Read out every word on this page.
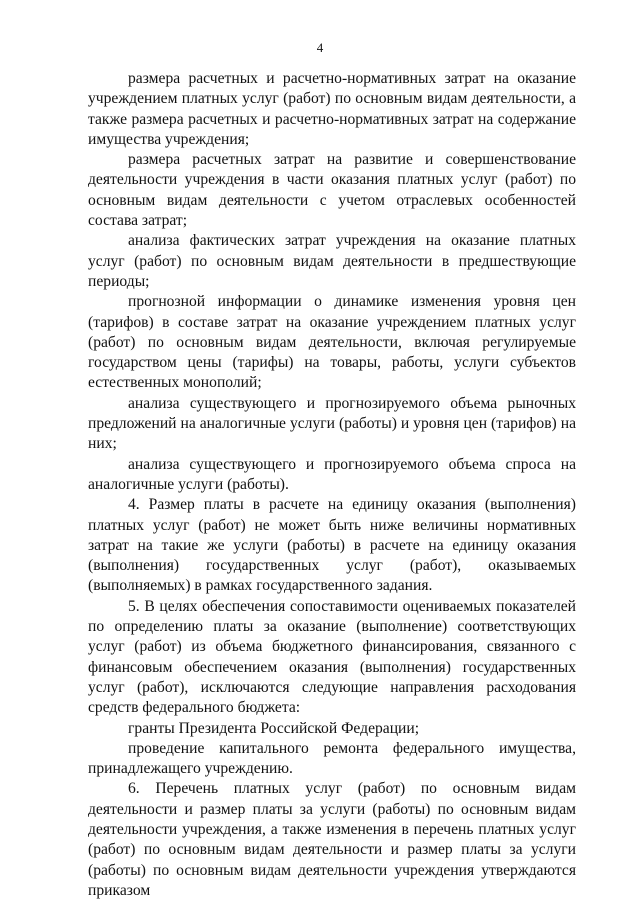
4

размера расчетных и расчетно-нормативных затрат на оказание учреждением платных услуг (работ) по основным видам деятельности, а также размера расчетных и расчетно-нормативных затрат на содержание имущества учреждения;

размера расчетных затрат на развитие и совершенствование деятельности учреждения в части оказания платных услуг (работ) по основным видам деятельности с учетом отраслевых особенностей состава затрат;

анализа фактических затрат учреждения на оказание платных услуг (работ) по основным видам деятельности в предшествующие периоды;

прогнозной информации о динамике изменения уровня цен (тарифов) в составе затрат на оказание учреждением платных услуг (работ) по основным видам деятельности, включая регулируемые государством цены (тарифы) на товары, работы, услуги субъектов естественных монополий;

анализа существующего и прогнозируемого объема рыночных предложений на аналогичные услуги (работы) и уровня цен (тарифов) на них;

анализа существующего и прогнозируемого объема спроса на аналогичные услуги (работы).

4. Размер платы в расчете на единицу оказания (выполнения) платных услуг (работ) не может быть ниже величины нормативных затрат на такие же услуги (работы) в расчете на единицу оказания (выполнения) государственных услуг (работ), оказываемых (выполняемых) в рамках государственного задания.

5. В целях обеспечения сопоставимости оцениваемых показателей по определению платы за оказание (выполнение) соответствующих услуг (работ) из объема бюджетного финансирования, связанного с финансовым обеспечением оказания (выполнения) государственных услуг (работ), исключаются следующие направления расходования средств федерального бюджета:

гранты Президента Российской Федерации;

проведение капитального ремонта федерального имущества, принадлежащего учреждению.

6. Перечень платных услуг (работ) по основным видам деятельности и размер платы за услуги (работы) по основным видам деятельности учреждения, а также изменения в перечень платных услуг (работ) по основным видам деятельности и размер платы за услуги (работы) по основным видам деятельности учреждения утверждаются приказом
